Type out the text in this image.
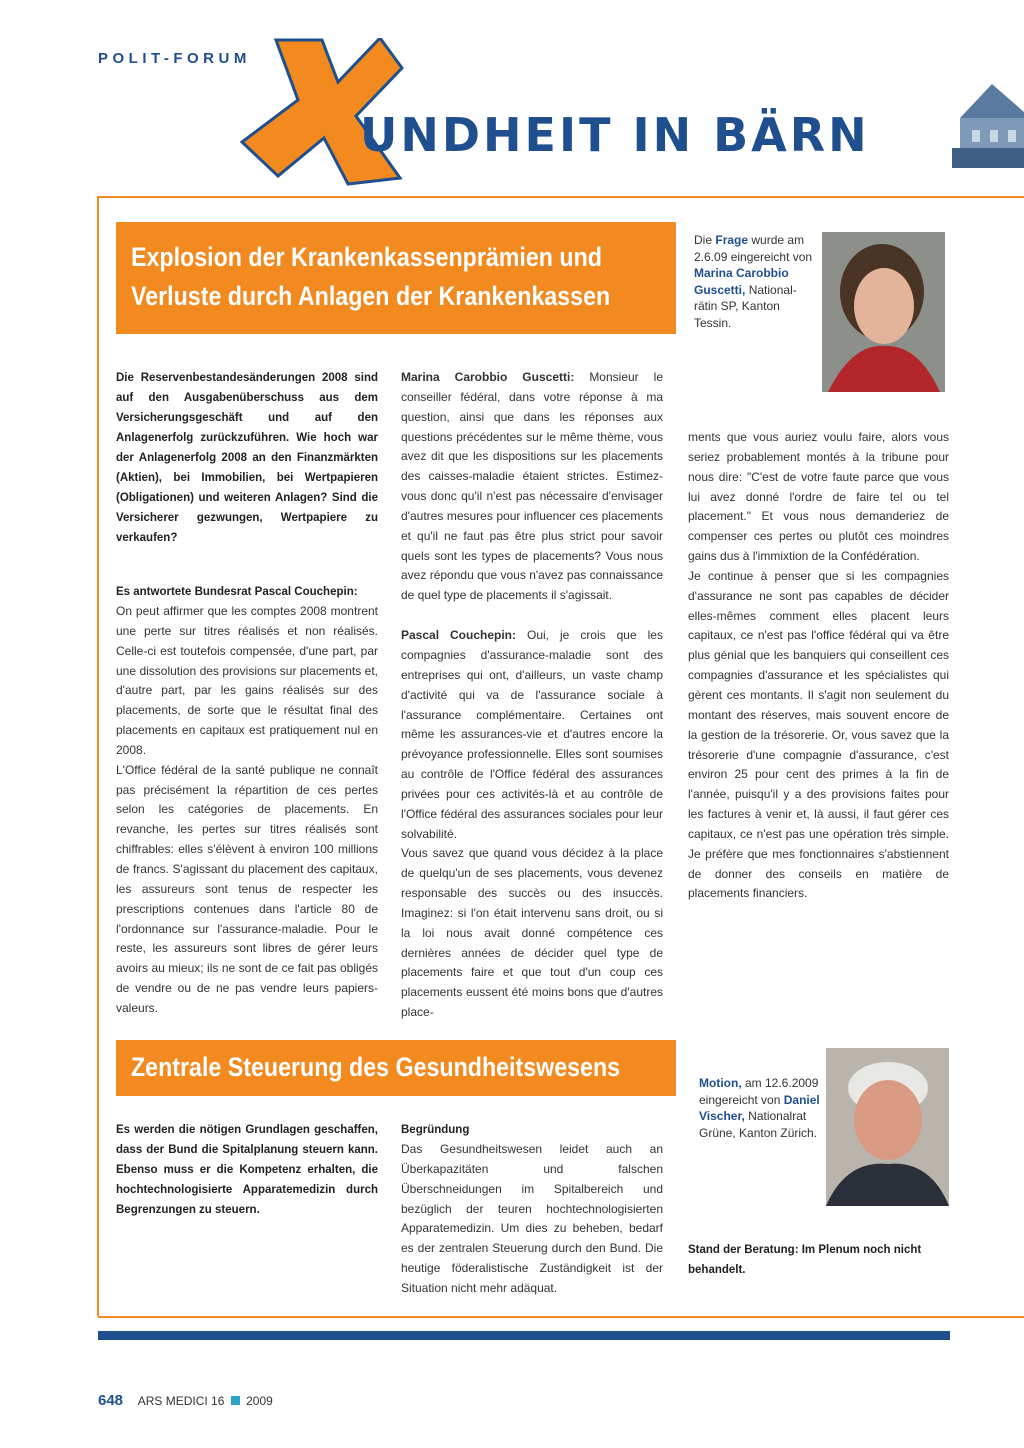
POLIT-FORUM
UNDHEIT IN BÄRN
Explosion der Krankenkassenprämien und
Verluste durch Anlagen der Krankenkassen
Die Frage wurde am 2.6.09 eingereicht von Marina Carobbio Guscetti, National-rätin SP, Kanton Tessin.

Die Reservenbestandesänderungen 2008 sind auf den Ausgabenüberschuss aus dem Versicherungsgeschäft und auf den Anlagenerfolg zurückzuführen. Wie hoch war der Anlagenerfolg 2008 an den Finanzmärkten (Aktien), bei Immobilien, bei Wertpapieren (Obligationen) und weiteren Anlagen? Sind die Versicherer gezwungen, Wertpapiere zu verkaufen?

Es antwortete Bundesrat Pascal Couchepin:

On peut affirmer que les comptes 2008 montrent une perte sur titres réalisés et non réalisés. Celle-ci est toutefois compensée, d'une part, par une dissolution des provisions sur placements et, d'autre part, par les gains réalisés sur des placements, de sorte que le résultat final des placements en capitaux est pratiquement nul en 2008.

L'Office fédéral de la santé publique ne connaît pas précisément la répartition de ces pertes selon les catégories de placements. En revanche, les pertes sur titres réalisés sont chiffrables: elles s'élèvent à environ 100 millions de francs. S'agissant du placement des capitaux, les assureurs sont tenus de respecter les prescriptions contenues dans l'article 80 de l'ordonnance sur l'assurance-maladie. Pour le reste, les assureurs sont libres de gérer leurs avoirs au mieux; ils ne sont de ce fait pas obligés de vendre ou de ne pas vendre leurs papiers-valeurs.

Marina Carobbio Guscetti: Monsieur le conseiller fédéral, dans votre réponse à ma question, ainsi que dans les réponses aux questions précédentes sur le même thème, vous avez dit que les dispositions sur les placements des caisses-maladie étaient strictes. Estimez-vous donc qu'il n'est pas nécessaire d'envisager d'autres mesures pour influencer ces placements et qu'il ne faut pas être plus strict pour savoir quels sont les types de placements? Vous nous avez répondu que vous n'avez pas connaissance de quel type de placements il s'agissait.

Pascal Couchepin: Oui, je crois que les compagnies d'assurance-maladie sont des entreprises qui ont, d'ailleurs, un vaste champ d'activité qui va de l'assurance sociale à l'assurance complémentaire. Certaines ont même les assurances-vie et d'autres encore la prévoyance professionnelle. Elles sont soumises au contrôle de l'Office fédéral des assurances privées pour ces activités-là et au contrôle de l'Office fédéral des assurances sociales pour leur solvabilité.

Vous savez que quand vous décidez à la place de quelqu'un de ses placements, vous devenez responsable des succès ou des insuccès. Imaginez: si l'on était intervenu sans droit, ou si la loi nous avait donné compétence ces dernières années de décider quel type de placements faire et que tout d'un coup ces placements eussent été moins bons que d'autres place-

ments que vous auriez voulu faire, alors vous seriez probablement montés à la tribune pour nous dire: "C'est de votre faute parce que vous lui avez donné l'ordre de faire tel ou tel placement." Et vous nous demanderiez de compenser ces pertes ou plutôt ces moindres gains dus à l'immixtion de la Confédération.

Je continue à penser que si les compagnies d'assurance ne sont pas capables de décider elles-mêmes comment elles placent leurs capitaux, ce n'est pas l'office fédéral qui va être plus génial que les banquiers qui conseillent ces compagnies d'assurance et les spécialistes qui gèrent ces montants. Il s'agit non seulement du montant des réserves, mais souvent encore de la gestion de la trésorerie. Or, vous savez que la trésorerie d'une compagnie d'assurance, c'est environ 25 pour cent des primes à la fin de l'année, puisqu'il y a des provisions faites pour les factures à venir et, là aussi, il faut gérer ces capitaux, ce n'est pas une opération très simple. Je préfère que mes fonctionnaires s'abstiennent de donner des conseils en matière de placements financiers.

Zentrale Steuerung des Gesundheitswesens
Motion, am 12.6.2009 eingereicht von Daniel Vischer, Nationalrat Grüne, Kanton Zürich.

Es werden die nötigen Grundlagen geschaffen, dass der Bund die Spitalplanung steuern kann. Ebenso muss er die Kompetenz erhalten, die hochtechnologisierte Apparatemedizin durch Begrenzungen zu steuern.

Begründung

Das Gesundheitswesen leidet auch an Überkapazitäten und falschen Überschneidungen im Spitalbereich und bezüglich der teuren hochtechnologisierten Apparatemedizin. Um dies zu beheben, bedarf es der zentralen Steuerung durch den Bund. Die heutige föderalistische Zuständigkeit ist der Situation nicht mehr adäquat.

Stand der Beratung: Im Plenum noch nicht behandelt.

648 ARS MEDICI 16 2009
